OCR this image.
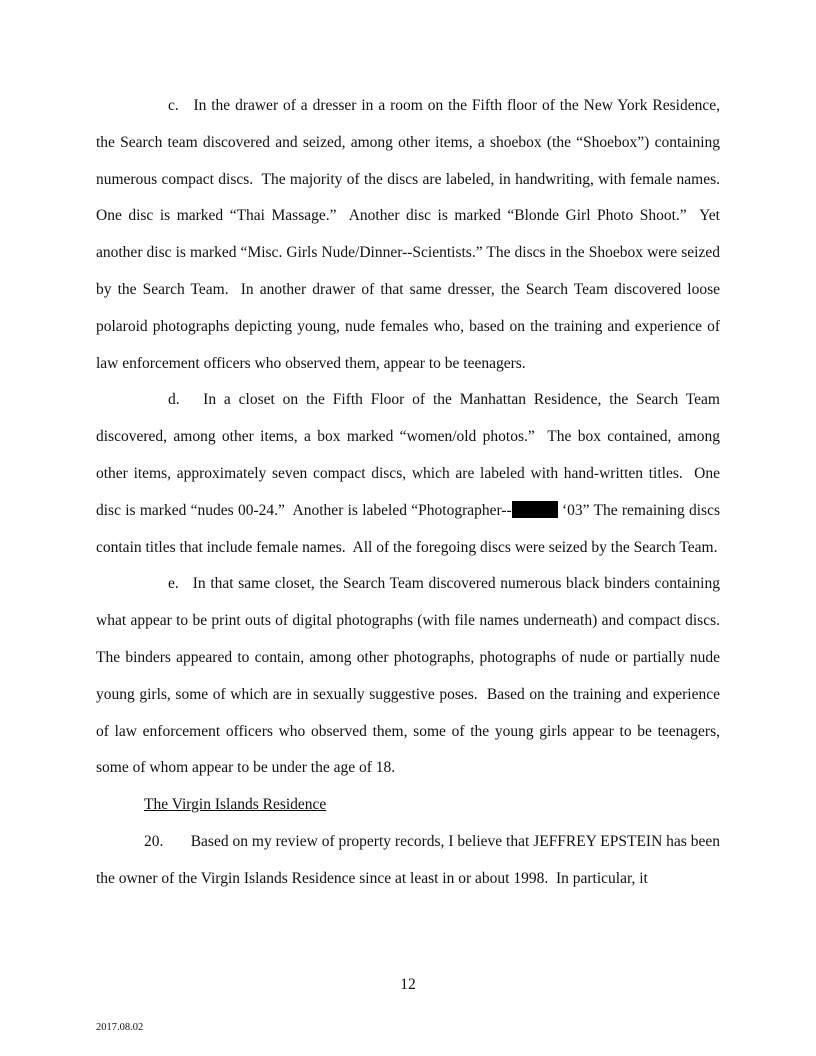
c.   In the drawer of a dresser in a room on the Fifth floor of the New York Residence, the Search team discovered and seized, among other items, a shoebox (the “Shoebox”) containing numerous compact discs.  The majority of the discs are labeled, in handwriting, with female names. One disc is marked “Thai Massage.”  Another disc is marked “Blonde Girl Photo Shoot.”  Yet another disc is marked “Misc. Girls Nude/Dinner--Scientists.” The discs in the Shoebox were seized by the Search Team.  In another drawer of that same dresser, the Search Team discovered loose polaroid photographs depicting young, nude females who, based on the training and experience of law enforcement officers who observed them, appear to be teenagers.

d.   In a closet on the Fifth Floor of the Manhattan Residence, the Search Team discovered, among other items, a box marked “women/old photos.”  The box contained, among other items, approximately seven compact discs, which are labeled with hand-written titles.  One disc is marked “nudes 00-24.”  Another is labeled “Photographer--	‘03” The remaining discs contain titles that include female names.  All of the foregoing discs were seized by the Search Team.

e.   In that same closet, the Search Team discovered numerous black binders containing what appear to be print outs of digital photographs (with file names underneath) and compact discs. The binders appeared to contain, among other photographs, photographs of nude or partially nude young girls, some of which are in sexually suggestive poses.  Based on the training and experience of law enforcement officers who observed them, some of the young girls appear to be teenagers, some of whom appear to be under the age of 18.

The Virgin Islands Residence

20.       Based on my review of property records, I believe that JEFFREY EPSTEIN has been the owner of the Virgin Islands Residence since at least in or about 1998.  In particular, it

12
2017.08.02
